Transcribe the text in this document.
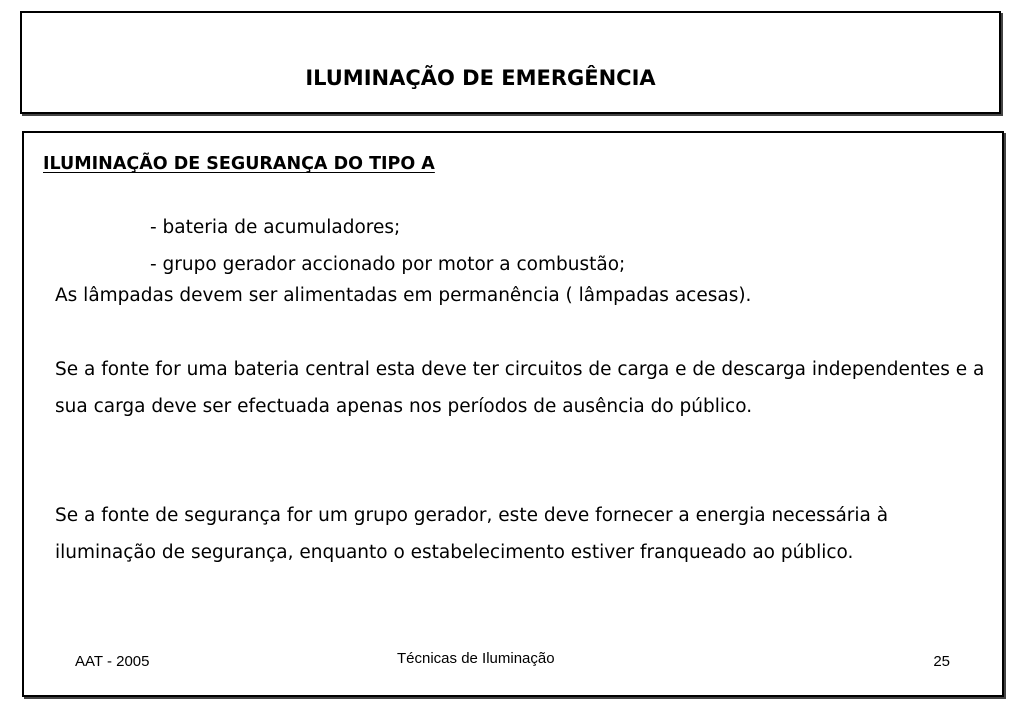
ILUMINAÇÃO DE EMERGÊNCIA
ILUMINAÇÃO DE SEGURANÇA DO TIPO A
- bateria de acumuladores;
- grupo gerador accionado por motor a combustão;

As lâmpadas devem ser alimentadas em permanência ( lâmpadas acesas).

Se a fonte for uma bateria central esta deve ter circuitos de carga e de descarga independentes e a sua carga deve ser efectuada apenas nos períodos de ausência do público.

Se a fonte de segurança for um grupo gerador, este deve fornecer a energia necessária à iluminação de segurança, enquanto o estabelecimento estiver franqueado ao público.

AAT - 2005	Técnicas de Iluminação	25
